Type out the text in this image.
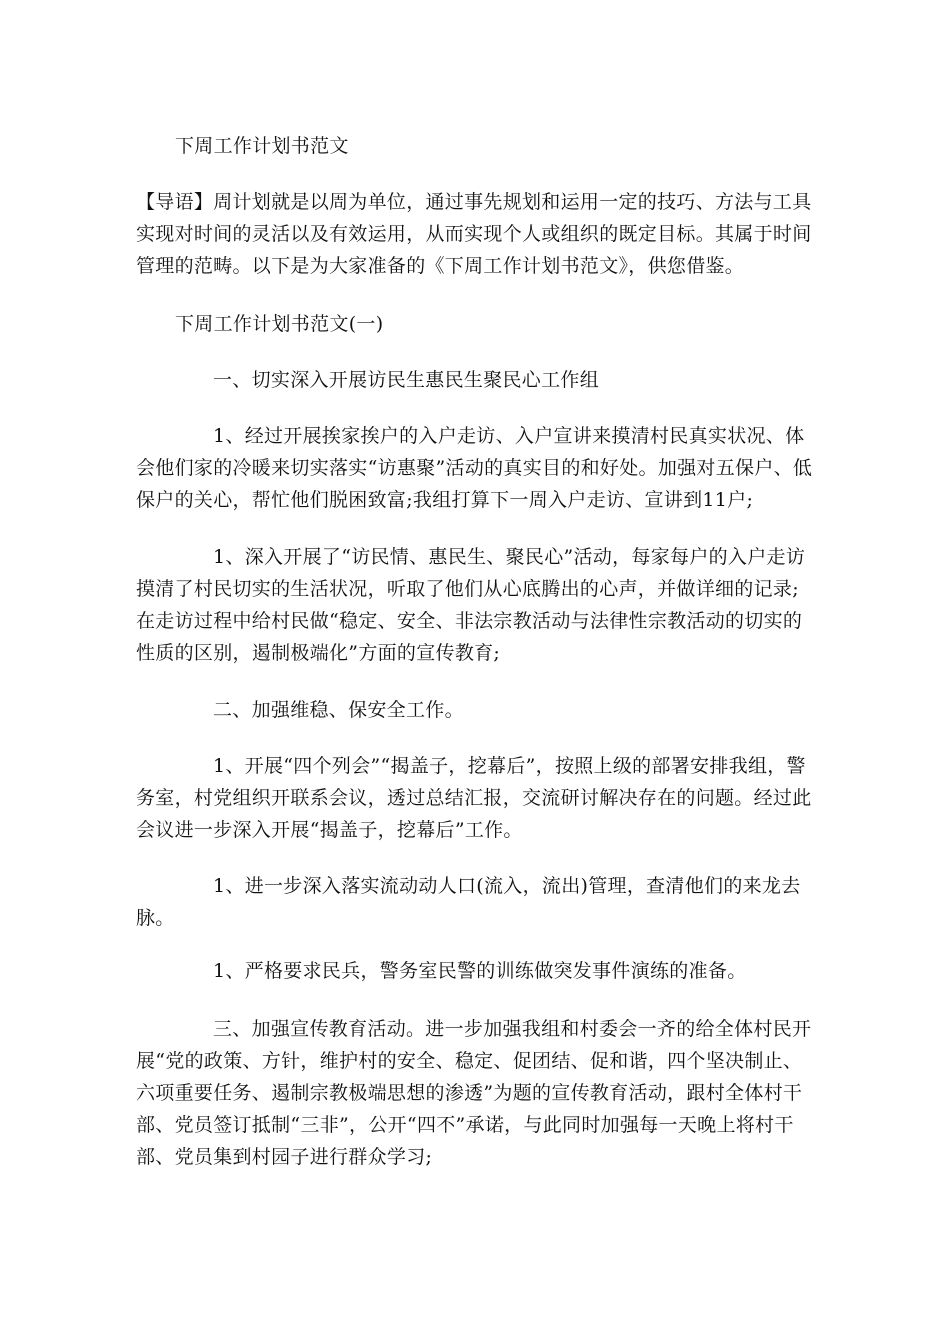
下周工作计划书范文

【导语】周计划就是以周为单位，通过事先规划和运用一定的技巧、方法与工具实现对时间的灵活以及有效运用，从而实现个人或组织的既定目标。其属于时间管理的范畴。以下是为大家准备的《下周工作计划书范文》，供您借鉴。

下周工作计划书范文(一)

一、切实深入开展访民生惠民生聚民心工作组

1、经过开展挨家挨户的入户走访、入户宣讲来摸清村民真实状况、体会他们家的冷暖来切实落实“访惠聚”活动的真实目的和好处。加强对五保户、低保户的关心，帮忙他们脱困致富;我组打算下一周入户走访、宣讲到11户;

1、深入开展了“访民情、惠民生、聚民心”活动，每家每户的入户走访摸清了村民切实的生活状况，听取了他们从心底腾出的心声，并做详细的记录;在走访过程中给村民做“稳定、安全、非法宗教活动与法律性宗教活动的切实的性质的区别，遏制极端化”方面的宣传教育;

二、加强维稳、保安全工作。

1、开展“四个列会”“揭盖子，挖幕后”，按照上级的部署安排我组，警务室，村党组织开联系会议，透过总结汇报，交流研讨解决存在的问题。经过此会议进一步深入开展“揭盖子，挖幕后”工作。

1、进一步深入落实流动动人口(流入，流出)管理，查清他们的来龙去脉。

1、严格要求民兵，警务室民警的训练做突发事件演练的准备。

三、加强宣传教育活动。进一步加强我组和村委会一齐的给全体村民开展“党的政策、方针，维护村的安全、稳定、促团结、促和谐，四个坚决制止、六项重要任务、遏制宗教极端思想的渗透”为题的宣传教育活动，跟村全体村干部、党员签订抵制“三非”，公开“四不”承诺，与此同时加强每一天晚上将村干部、党员集到村园子进行群众学习;
